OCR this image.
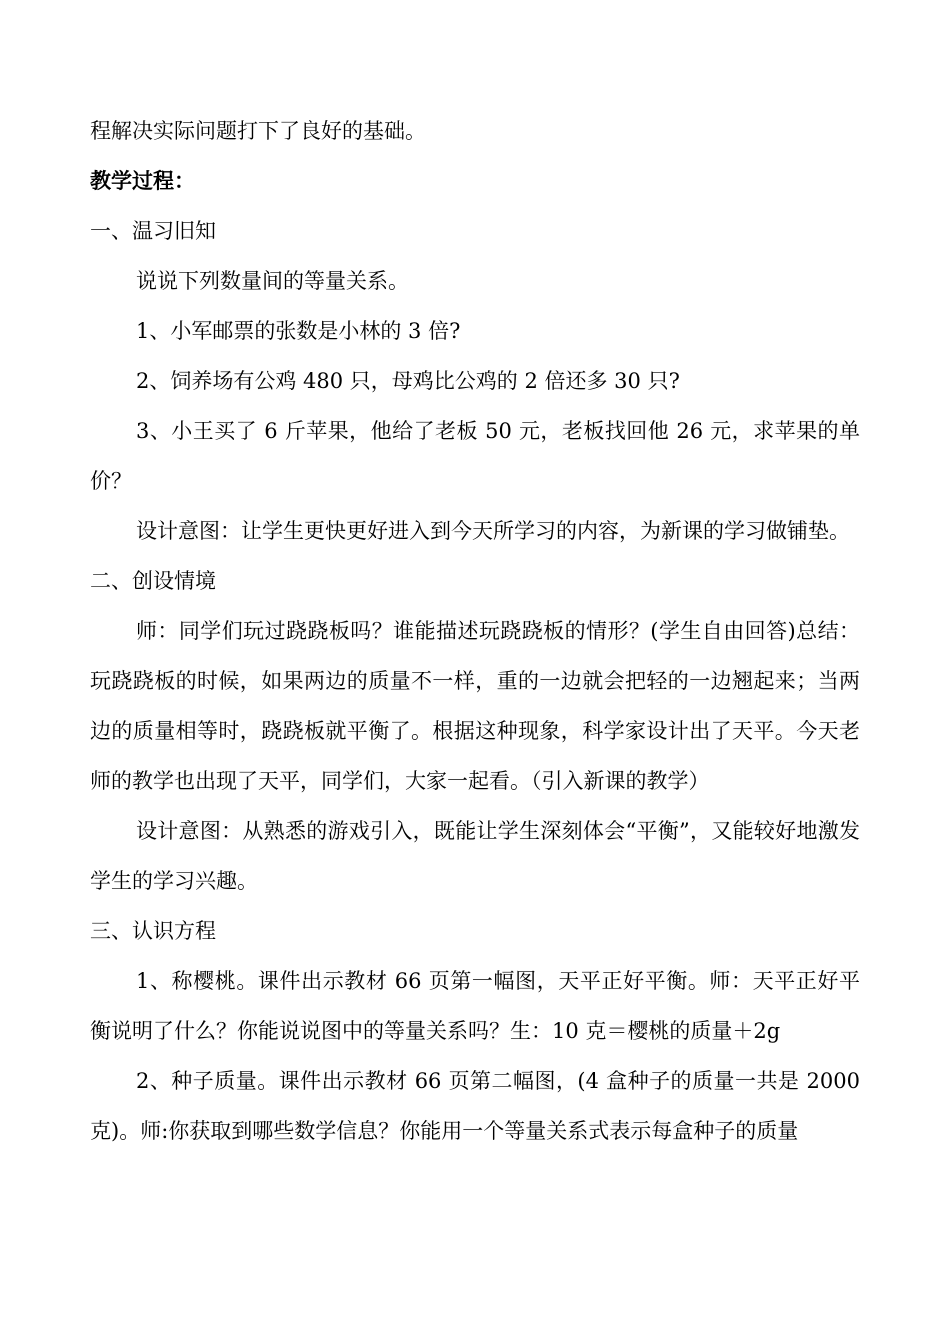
程解决实际问题打下了良好的基础。
教学过程：
一、温习旧知
说说下列数量间的等量关系。
1、小军邮票的张数是小林的 3 倍?
2、饲养场有公鸡 480 只，母鸡比公鸡的 2 倍还多 30 只?
3、小王买了 6 斤苹果，他给了老板 50 元，老板找回他 26 元，求苹果的单价？
设计意图：让学生更快更好进入到今天所学习的内容，为新课的学习做铺垫。
二、创设情境
师：同学们玩过跷跷板吗？谁能描述玩跷跷板的情形？(学生自由回答)总结：玩跷跷板的时候，如果两边的质量不一样，重的一边就会把轻的一边翘起来；当两边的质量相等时，跷跷板就平衡了。根据这种现象，科学家设计出了天平。今天老师的教学也出现了天平，同学们，大家一起看。（引入新课的教学）
设计意图：从熟悉的游戏引入，既能让学生深刻体会“平衡”，又能较好地激发学生的学习兴趣。
三、认识方程
1、称樱桃。课件出示教材 66 页第一幅图，天平正好平衡。师：天平正好平衡说明了什么？你能说说图中的等量关系吗？生：10 克＝樱桃的质量＋2g
2、种子质量。课件出示教材 66 页第二幅图，(4 盒种子的质量一共是 2000 克)。师:你获取到哪些数学信息？你能用一个等量关系式表示每盒种子的质量
